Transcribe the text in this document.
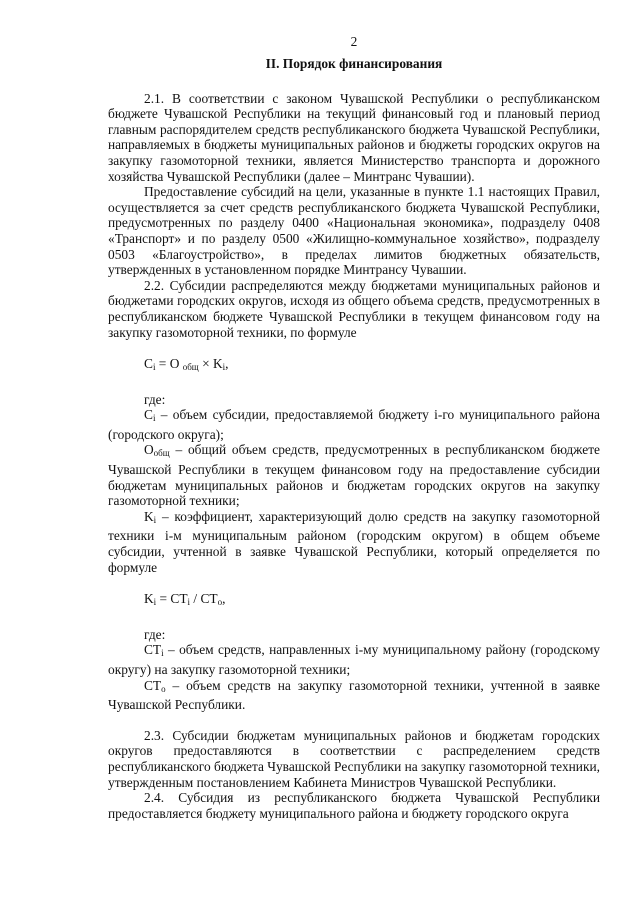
2
II. Порядок финансирования

2.1. В соответствии с законом Чувашской Республики о республиканском бюджете Чувашской Республики на текущий финансовый год и плановый период главным распорядителем средств республиканского бюджета Чувашской Республики, направляемых в бюджеты муниципальных районов и бюджеты городских округов на закупку газомоторной техники, является Министерство транспорта и дорожного хозяйства Чувашской Республики (далее – Минтранс Чувашии).

Предоставление субсидий на цели, указанные в пункте 1.1 настоящих Правил, осуществляется за счет средств республиканского бюджета Чувашской Республики, предусмотренных по разделу 0400 «Национальная экономика», подразделу 0408 «Транспорт» и по разделу 0500 «Жилищно-коммунальное хозяйство», подразделу 0503 «Благоустройство», в пределах лимитов бюджетных обязательств, утвержденных в установленном порядке Минтрансу Чувашии.

2.2. Субсидии распределяются между бюджетами муниципальных районов и бюджетами городских округов, исходя из общего объема средств, предусмотренных в республиканском бюджете Чувашской Республики в текущем финансовом году на закупку газомоторной техники, по формуле

$C_i = O$ $_{общ} \times K_i$,

где:

$C_i$ – объем субсидии, предоставляемой бюджету i-го муниципального района (городского округа);

$O_{общ}$ – общий объем средств, предусмотренных в республиканском бюджете Чувашской Республики в текущем финансовом году на предоставление субсидии бюджетам муниципальных районов и бюджетам городских округов на закупку газомоторной техники;

$K_i$ – коэффициент, характеризующий долю средств на закупку газомоторной техники i-м муниципальным районом (городским округом) в общем объеме субсидии, учтенной в заявке Чувашской Республики, который определяется по формуле

$K_i = CT_i / CT_o$,

где:

$CT_i$ – объем средств, направленных i-му муниципальному району (городскому округу) на закупку газомоторной техники;

$CT_o$ – объем средств на закупку газомоторной техники, учтенной в заявке Чувашской Республики.

2.3. Субсидии бюджетам муниципальных районов и бюджетам городских округов предоставляются в соответствии с распределением средств республиканского бюджета Чувашской Республики на закупку газомоторной техники, утвержденным постановлением Кабинета Министров Чувашской Республики.

2.4. Субсидия из республиканского бюджета Чувашской Республики предоставляется бюджету муниципального района и бюджету городского округа
